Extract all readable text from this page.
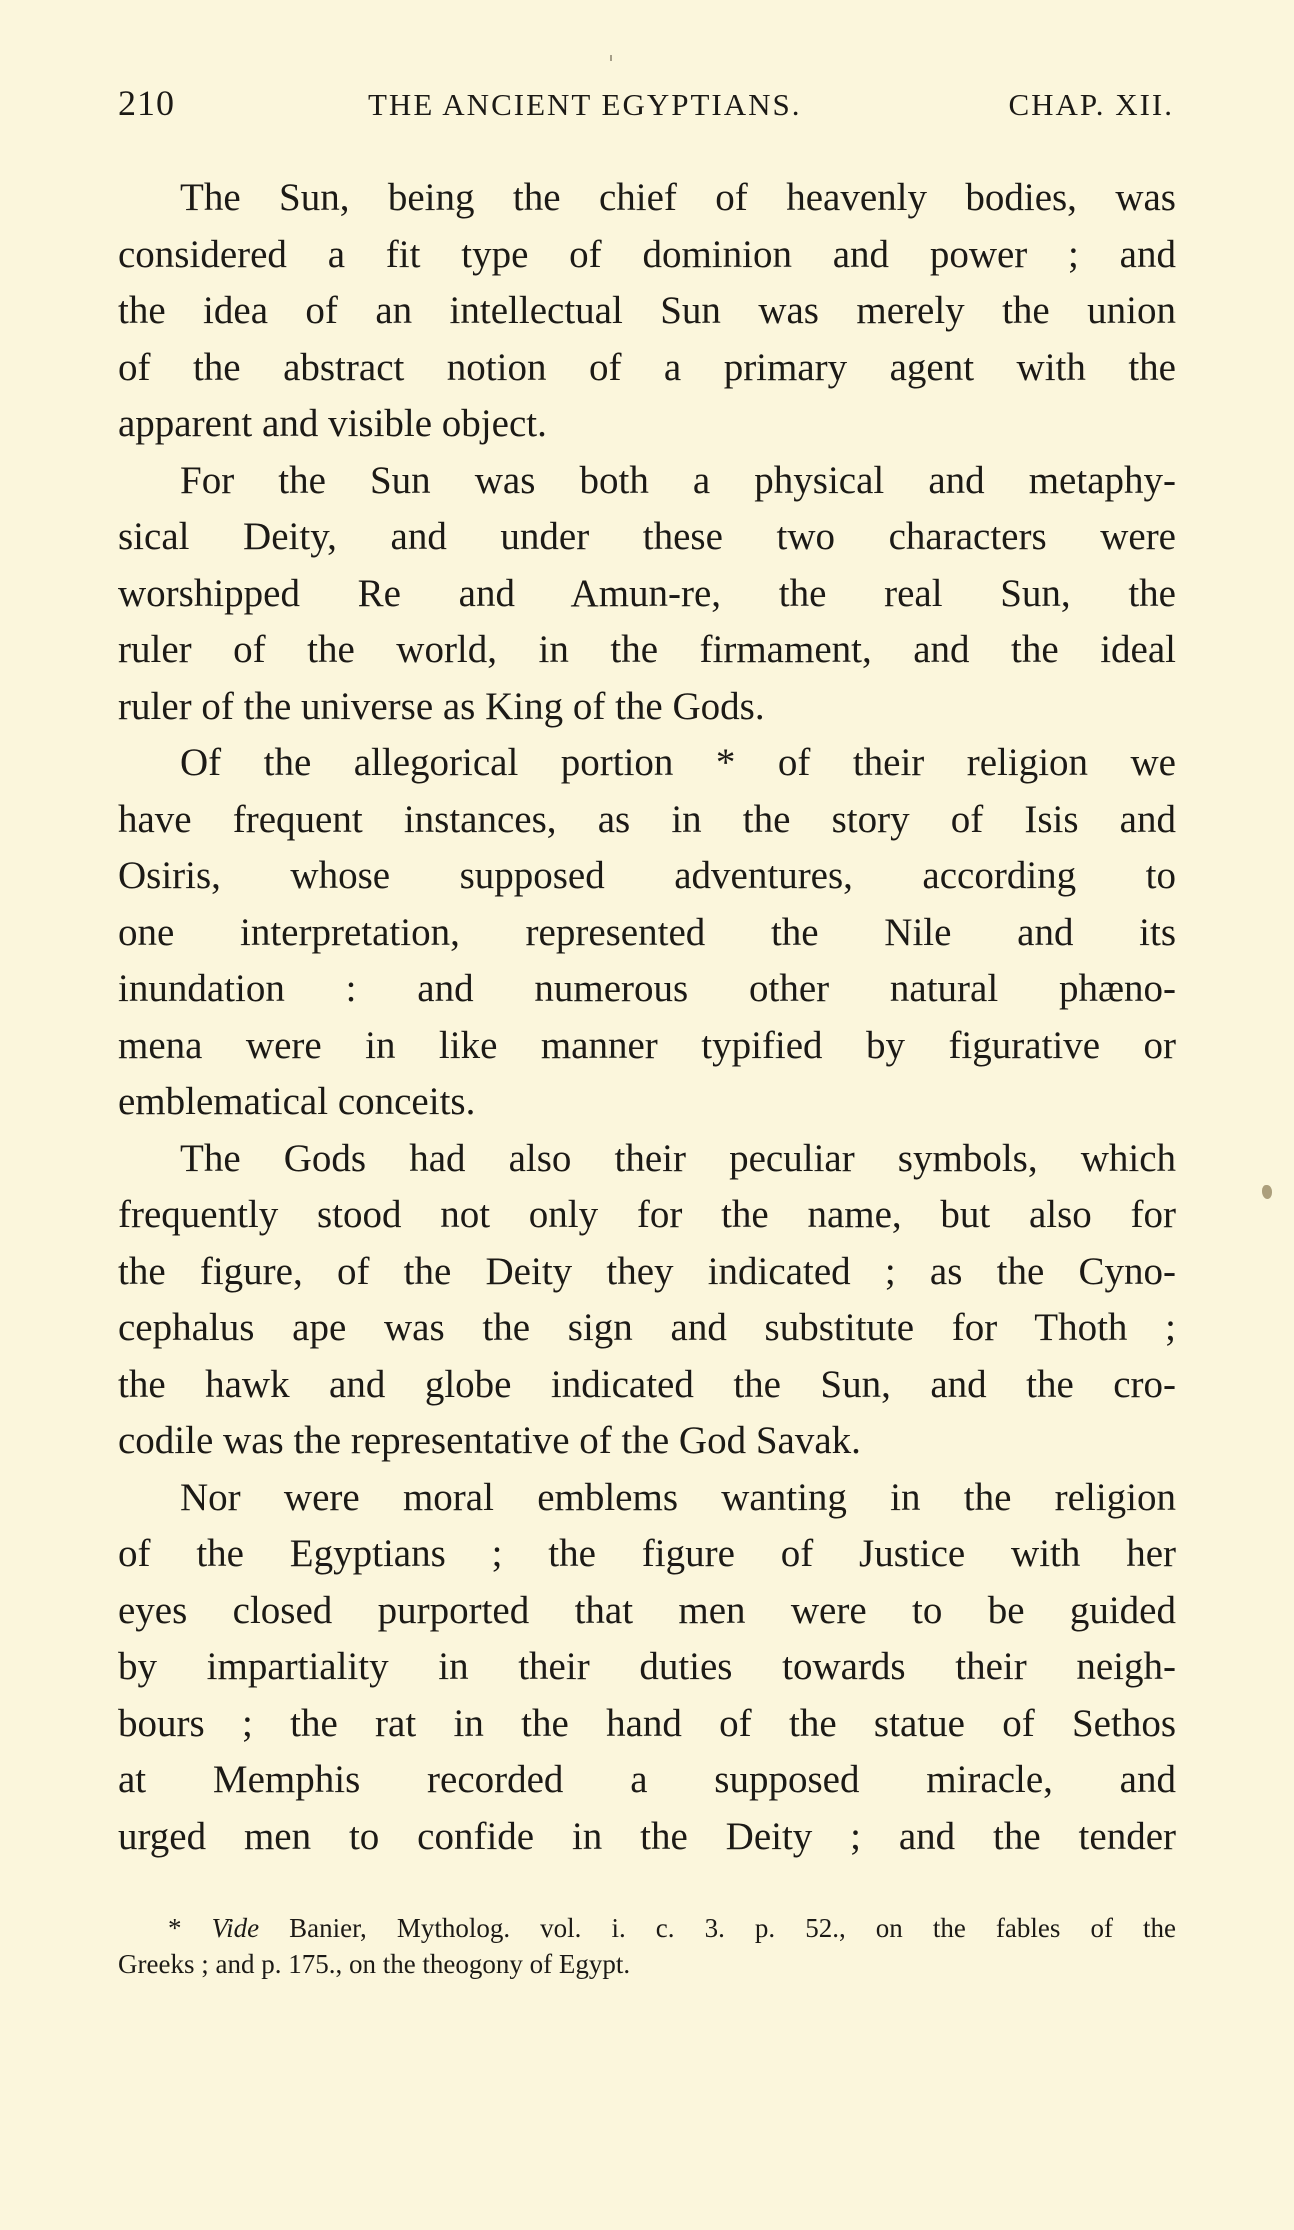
210	THE ANCIENT EGYPTIANS.	CHAP. XII.
The Sun, being the chief of heavenly bodies, was
considered a fit type of dominion and power ; and
the idea of an intellectual Sun was merely the union
of the abstract notion of a primary agent with the
apparent and visible object.
For the Sun was both a physical and metaphy-
sical Deity, and under these two characters were
worshipped Re and Amun-re, the real Sun, the
ruler of the world, in the firmament, and the ideal
ruler of the universe as King of the Gods.
Of the allegorical portion * of their religion we
have frequent instances, as in the story of Isis and
Osiris, whose supposed adventures, according to
one interpretation, represented the Nile and its
inundation : and numerous other natural phæno-
mena were in like manner typified by figurative or
emblematical conceits.
The Gods had also their peculiar symbols, which
frequently stood not only for the name, but also for
the figure, of the Deity they indicated ; as the Cyno-
cephalus ape was the sign and substitute for Thoth ;
the hawk and globe indicated the Sun, and the cro-
codile was the representative of the God Savak.
Nor were moral emblems wanting in the religion
of the Egyptians ; the figure of Justice with her
eyes closed purported that men were to be guided
by impartiality in their duties towards their neigh-
bours ; the rat in the hand of the statue of Sethos
at Memphis recorded a supposed miracle, and
urged men to confide in the Deity ; and the tender
* Vide Banier, Mytholog. vol. i. c. 3. p. 52., on the fables of the
Greeks ; and p. 175., on the theogony of Egypt.
